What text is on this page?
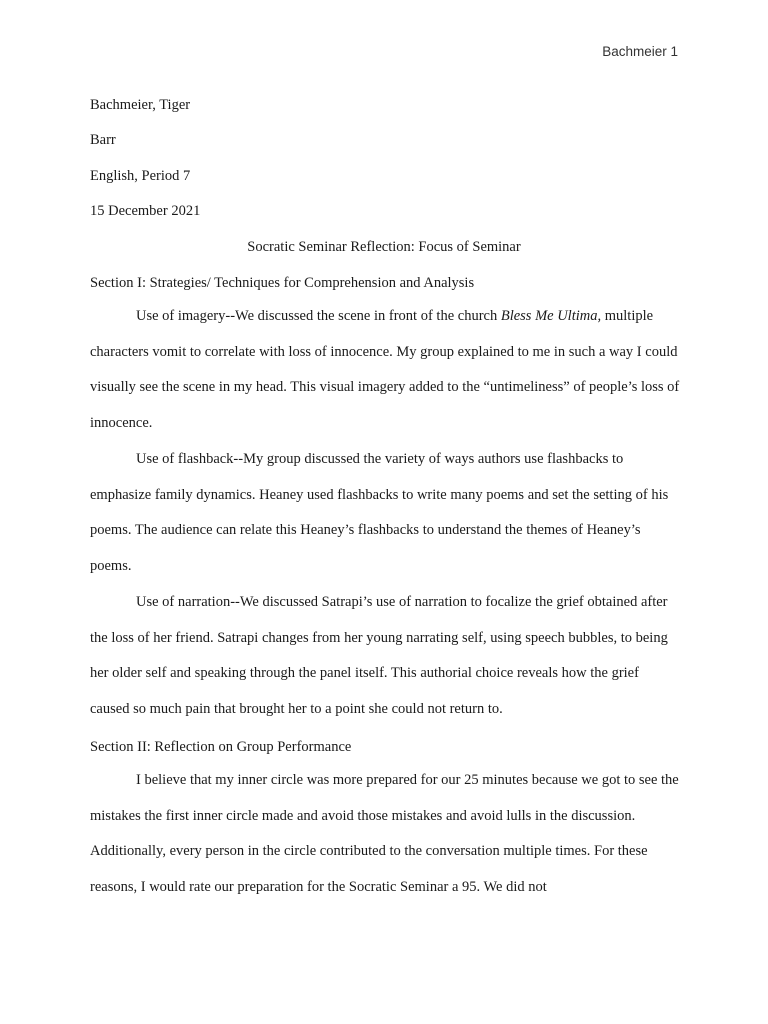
Bachmeier 1
Bachmeier, Tiger
Barr
English, Period 7
15 December 2021
Socratic Seminar Reflection: Focus of Seminar
Section I: Strategies/ Techniques for Comprehension and Analysis

Use of imagery--We discussed the scene in front of the church Bless Me Ultima, multiple characters vomit to correlate with loss of innocence. My group explained to me in such a way I could visually see the scene in my head. This visual imagery added to the “untimeliness” of people’s loss of innocence.

Use of flashback--My group discussed the variety of ways authors use flashbacks to emphasize family dynamics. Heaney used flashbacks to write many poems and set the setting of his poems. The audience can relate this Heaney’s flashbacks to understand the themes of Heaney’s poems.

Use of narration--We discussed Satrapi’s use of narration to focalize the grief obtained after the loss of her friend. Satrapi changes from her young narrating self, using speech bubbles, to being her older self and speaking through the panel itself. This authorial choice reveals how the grief caused so much pain that brought her to a point she could not return to.

Section II: Reflection on Group Performance

I believe that my inner circle was more prepared for our 25 minutes because we got to see the mistakes the first inner circle made and avoid those mistakes and avoid lulls in the discussion. Additionally, every person in the circle contributed to the conversation multiple times. For these reasons, I would rate our preparation for the Socratic Seminar a 95. We did not
